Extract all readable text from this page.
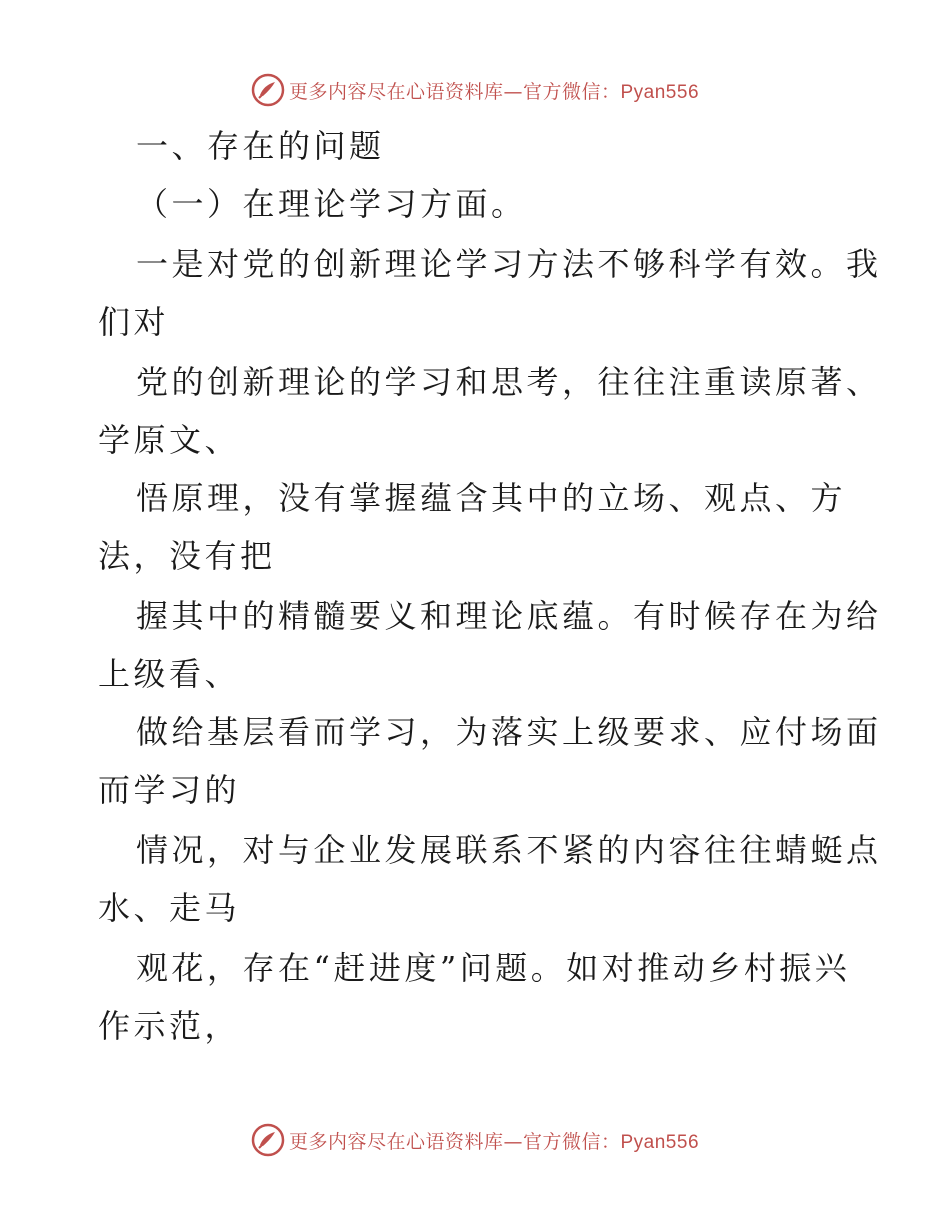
更多内容尽在心语资料库—官方微信：Pyan556
一、存在的问题
（一）在理论学习方面。
一是对党的创新理论学习方法不够科学有效。我
们对
党的创新理论的学习和思考，往往注重读原著、
学原文、
悟原理，没有掌握蕴含其中的立场、观点、方
法，没有把
握其中的精髓要义和理论底蕴。有时候存在为给
上级看、
做给基层看而学习，为落实上级要求、应付场面
而学习的
情况，对与企业发展联系不紧的内容往往蜻蜓点
水、走马
观花，存在“赶进度”问题。如对推动乡村振兴
作示范，
更多内容尽在心语资料库—官方微信：Pyan556
